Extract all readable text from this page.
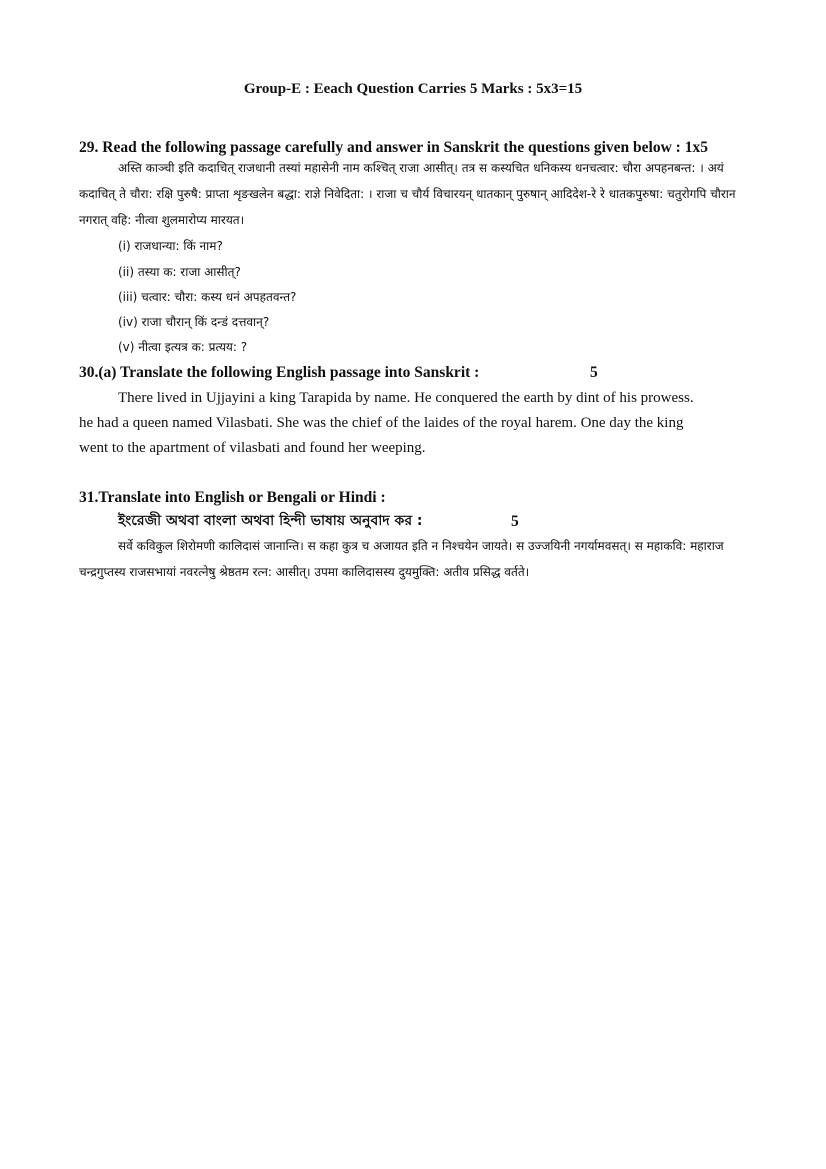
Group-E : Eeach Question Carries 5 Marks : 5x3=15
29. Read the following passage carefully and answer in Sanskrit the questions given below : 1x5
अस्ति काञ्ची इति कदाचित् राजधानी तस्यां महासेनी नाम कश्चित् राजा आसीत्। तत्र स कस्यचित धनिकस्य धनचत्वार: चौरा अपहनबन्त: । अयं
कदाचित् ते चौरा: रक्षि पुरुषै: प्राप्ता शृङखलेन बद्धा: राज्ञे निवेदिता: । राजा च चौर्य विचारयन् धातकान् पुरुषान् आदिदेश-रे रे धातकपुरुषा: चतुरोगपि चौरान
नगरात् वहि: नीत्वा शुलमारोप्य मारयत।
(i) राजधान्या: किं नाम?
(ii) तस्या क: राजा आसीत्?
(iii) चत्वार: चौरा: कस्य धनं अपहतवन्त?
(iv) राजा चौरान् किं दन्डं दत्तवान्?
(v) नीत्वा इत्यत्र क: प्रत्यय: ?
30.(a) Translate the following English passage into Sanskrit :	5
There lived in Ujjayini a king Tarapida by name. He conquered the earth by dint of his prowess.
he had a queen named Vilasbati. She was the chief of the laides of the royal harem. One day the king
went to the apartment of vilasbati and found her weeping.
31.Translate into English or Bengali or Hindi :
ইংরেজী অথবা বাংলা অথবা হিন্দী ভাষায় অনুবাদ কর :	5
सर्वे कविकुल शिरोमणी कालिदासं जानान्ति। स कहा कुत्र च अजायत इति न निश्चयेन जायते। स उज्जयिनी नगर्यामवसत्। स महाकवि: महाराज
चन्द्रगुप्तस्य राजसभायां नवरत्नेषु श्रेष्ठतम रत्न: आसीत्। उपमा कालिदासस्य दुयमुक्ति: अतीव प्रसिद्ध वर्तते।
